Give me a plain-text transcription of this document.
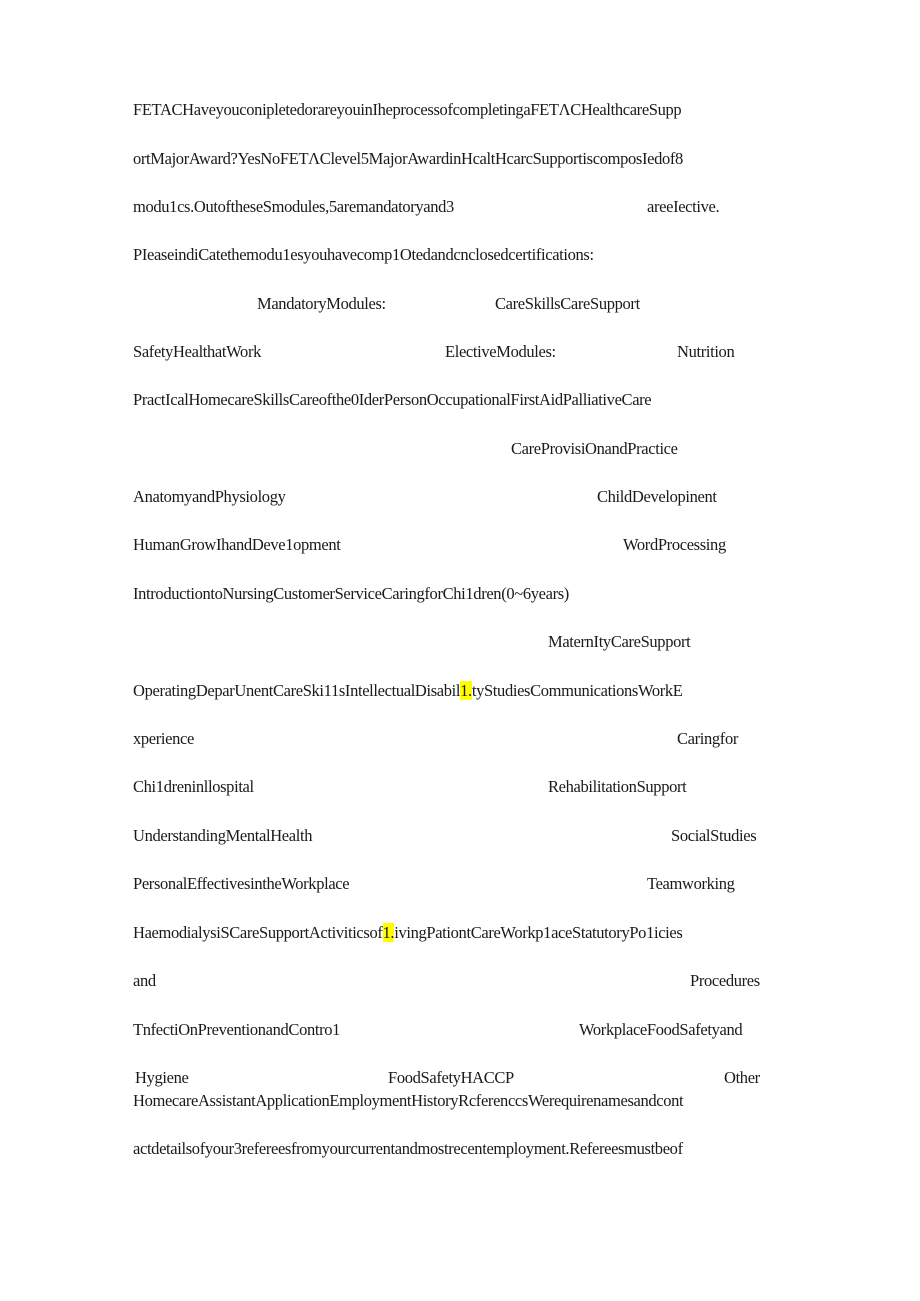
FETACHaveyouconipletedorareyouinIheprocessofcompletingaFETΛCHealthcareSupp
ortMajorAward?YesNoFETΛClevel5MajorAwardinHcaltHcarcSupportiscomposIedof8
modu1cs.OutoftheseSmodules,5aremandatoryand3	areeIective.
PIeaseindiCatethemodu1esyouhavecomp1Otedandcnclosedcertifications:
MandatoryModules:	CareSkillsCareSupport
SafetyHealthatWork	ElectiveModules:	Nutrition
PractIcalHomecareSkillsCareofthe0IderPersonOccupationalFirstAidPalliativeCare
CareProvisiOnandPractice
AnatomyandPhysiology	ChildDevelopinent
HumanGrowIhandDeve1opment	WordProcessing
IntroductiontoNursingCustomerServiceCaringforChi1dren(0~6years)
MaternItyCareSupport
OperatingDeparUnentCareSki11sIntellectualDisabil1.tyStudiesCommunicationsWorkE
xperience	Caringfor
Chi1dreninllospital	RehabilitationSupport
UnderstandingMentalHealth	SocialStudies
PersonalEffectivesintheWorkplace	Teamworking
HaemodialysiSCareSupportActiviticsof1.ivingPationtCareWorkp1aceStatutoryPo1icies
and	Procedures
TnfectiOnPreventionandContro1	WorkplaceFoodSafetyand
Hygiene	FoodSafetyHACCP	Other
HomecareAssistantApplicationEmploymentHistoryRcferenccsWerequirenamesandcont
actdetailsofyour3refereesfromyourcurrentandmostrecentemployment.Refereesmustbeof
